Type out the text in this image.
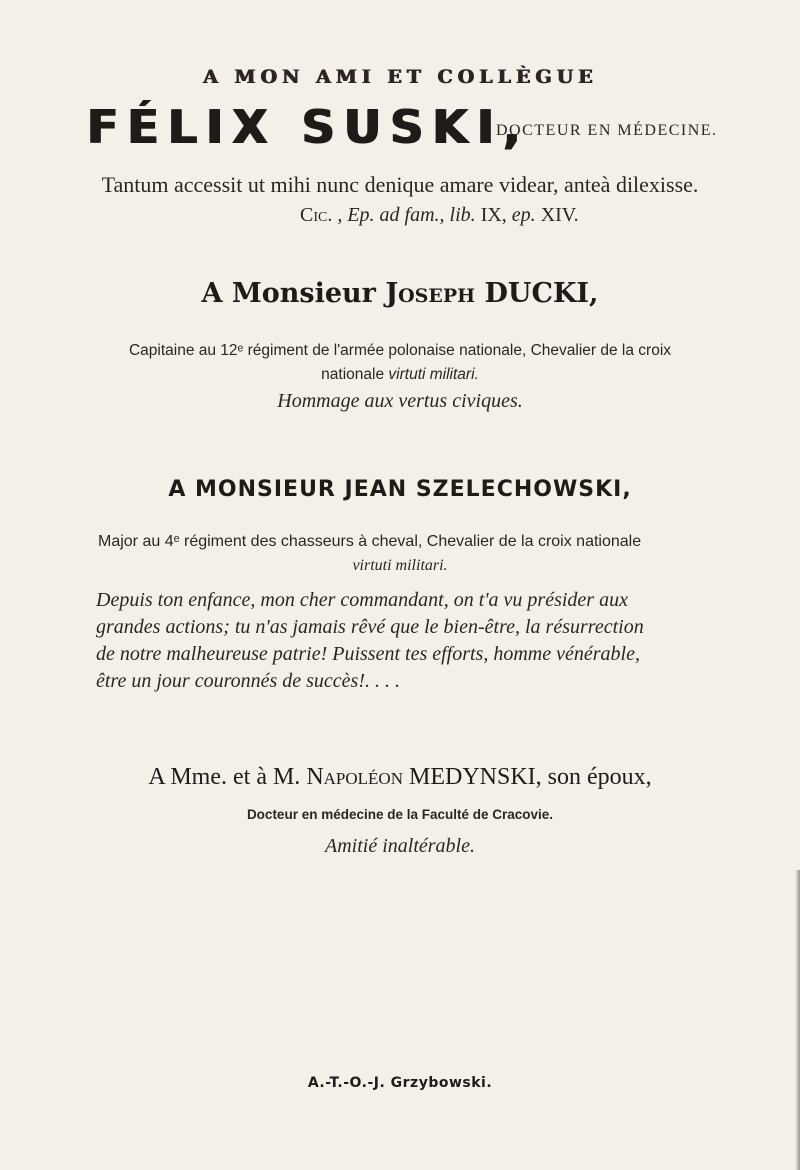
A MON AMI ET COLLÈGUE
FÉLIX SUSKI,
DOCTEUR EN MÉDECINE.
Tantum accessit ut mihi nunc denique amare videar, anteà dilexisse.
Cic. , Ep. ad fam., lib. IX, ep. XIV.
A Monsieur Joseph DUCKI,
Capitaine au 12ᵉ régiment de l'armée polonaise nationale, Chevalier de la croix
nationale virtuti militari.
Hommage aux vertus civiques.
A MONSIEUR JEAN SZELECHOWSKI,
Major au 4ᵉ régiment des chasseurs à cheval, Chevalier de la croix nationale
virtuti militari.
Depuis ton enfance, mon cher commandant, on t'a vu présider aux
grandes actions; tu n'as jamais rêvé que le bien-être, la résurrection
de notre malheureuse patrie! Puissent tes efforts, homme vénérable,
être un jour couronnés de succès!. . . .
A Mme. et à M. Napoléon MEDYNSKI, son époux,
Docteur en médecine de la Faculté de Cracovie.
Amitié inaltérable.
A.-T.-O.-J. Grzybowski.
